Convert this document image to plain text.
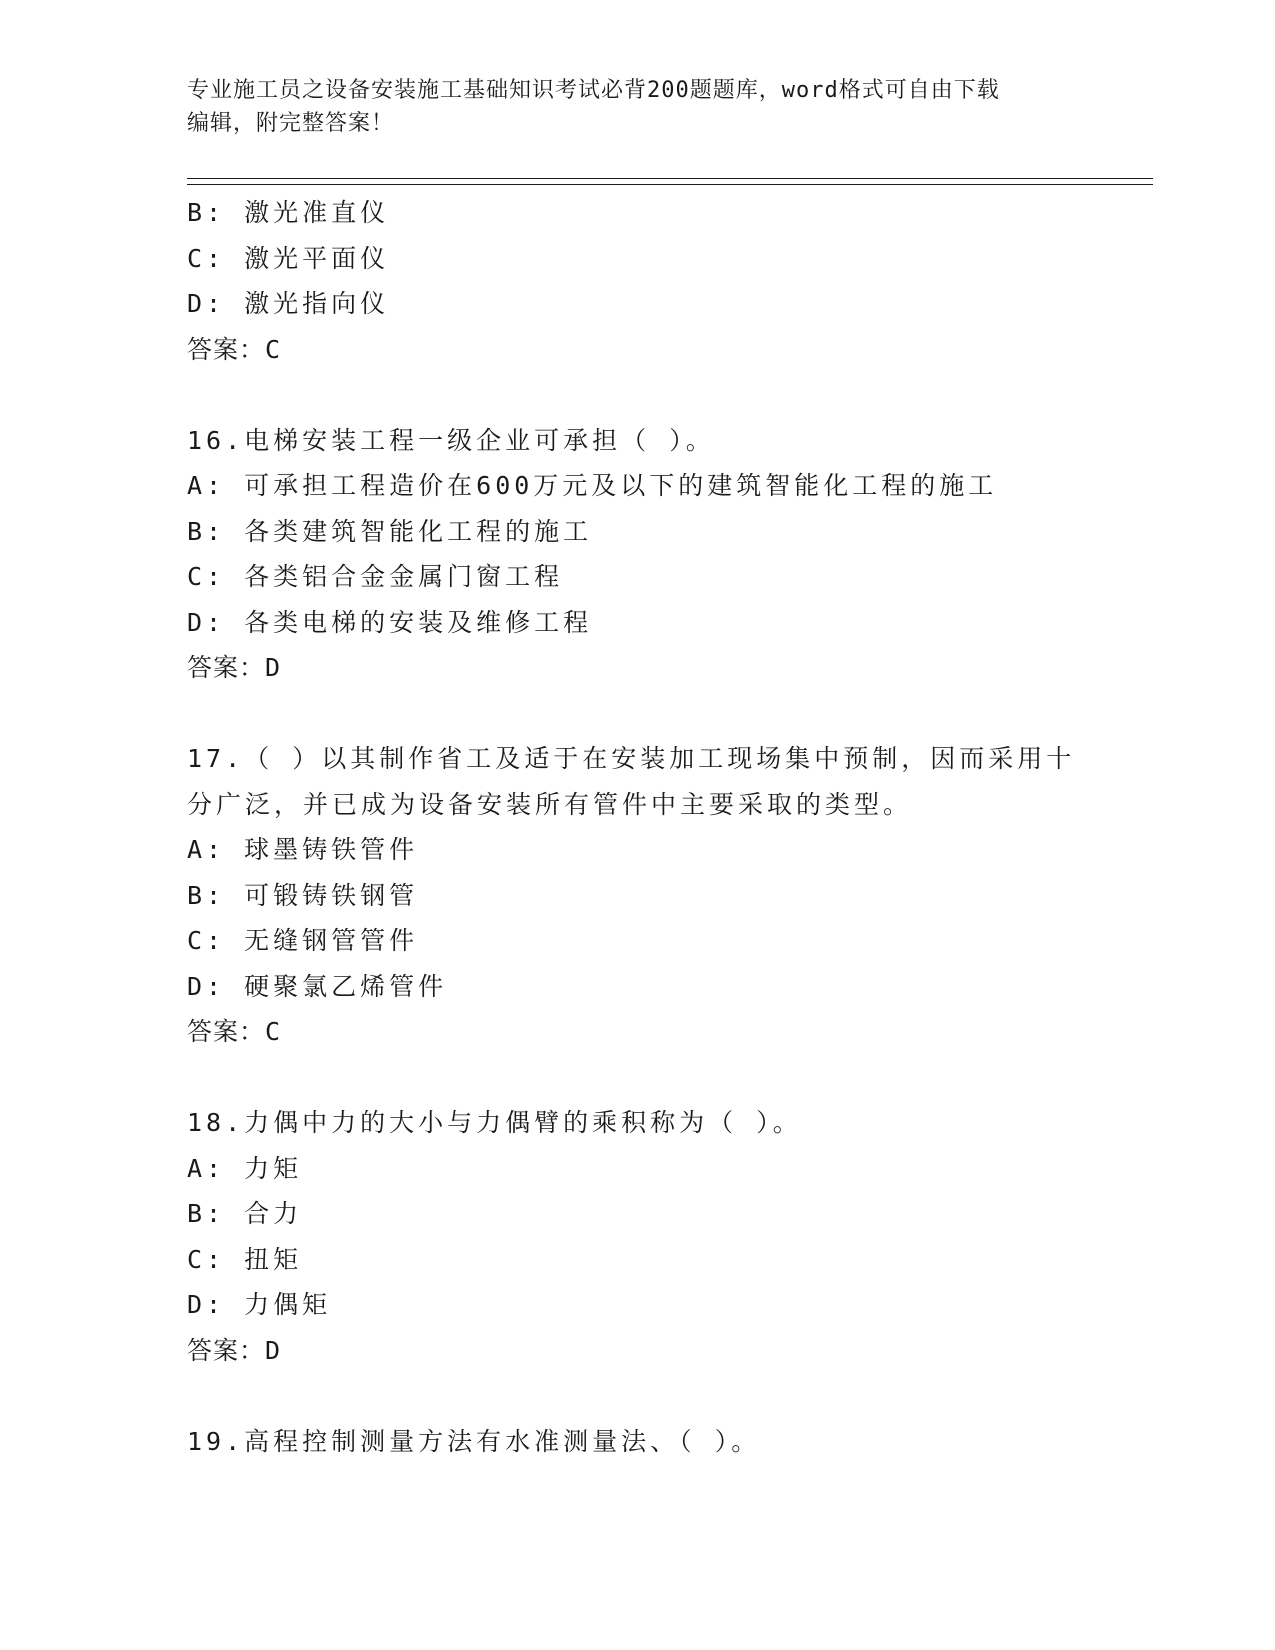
专业施工员之设备安装施工基础知识考试必背200题题库，word格式可自由下载
编辑，附完整答案！
B: 激光准直仪
C: 激光平面仪
D: 激光指向仪
答案：C
16.电梯安装工程一级企业可承担（ ）。
A: 可承担工程造价在600万元及以下的建筑智能化工程的施工
B: 各类建筑智能化工程的施工
C: 各类铝合金金属门窗工程
D: 各类电梯的安装及维修工程
答案：D
17.（ ）以其制作省工及适于在安装加工现场集中预制，因而采用十
分广泛，并已成为设备安装所有管件中主要采取的类型。
A: 球墨铸铁管件
B: 可锻铸铁钢管
C: 无缝钢管管件
D: 硬聚氯乙烯管件
答案：C
18.力偶中力的大小与力偶臂的乘积称为（ ）。
A: 力矩
B: 合力
C: 扭矩
D: 力偶矩
答案：D
19.高程控制测量方法有水准测量法、（ ）。
